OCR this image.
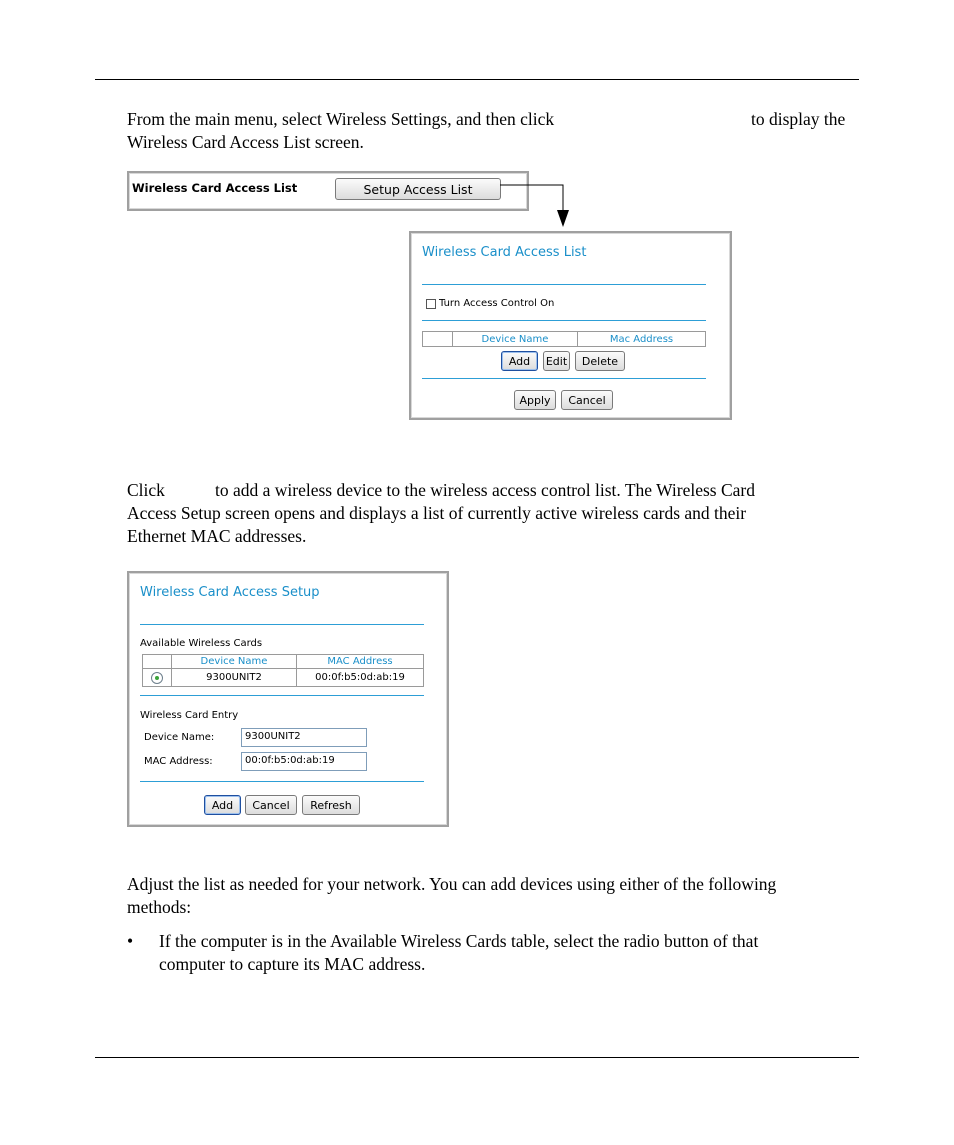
From the main menu, select Wireless Settings, and then click	to display the
Wireless Card Access List screen.
Wireless Card Access List	Setup Access List
Wireless Card Access List
Turn Access Control On
Device Name	Mac Address
Add	Edit	Delete
Apply	Cancel
Click	to add a wireless device to the wireless access control list. The Wireless Card
Access Setup screen opens and displays a list of currently active wireless cards and their
Ethernet MAC addresses.
Wireless Card Access Setup
Available Wireless Cards
Device Name	MAC Address
9300UNIT2	00:0f:b5:0d:ab:19
Wireless Card Entry
Device Name:	9300UNIT2
MAC Address:	00:0f:b5:0d:ab:19
Add	Cancel	Refresh
Adjust the list as needed for your network. You can add devices using either of the following
methods:
• If the computer is in the Available Wireless Cards table, select the radio button of that
computer to capture its MAC address.
